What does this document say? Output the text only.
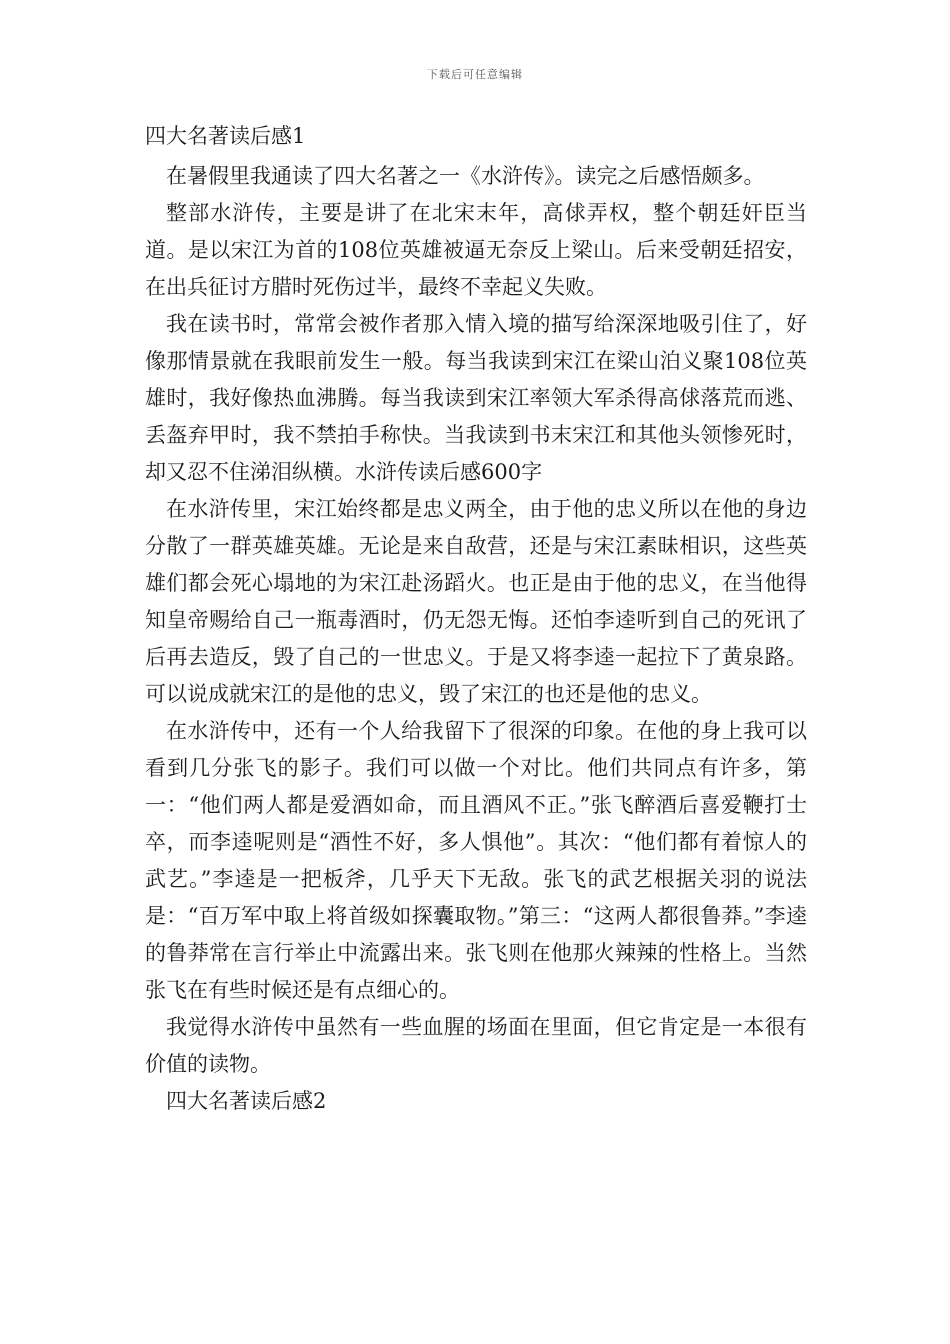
下载后可任意编辑
四大名著读后感1

在暑假里我通读了四大名著之一《水浒传》。读完之后感悟颇多。

整部水浒传，主要是讲了在北宋末年，高俅弄权，整个朝廷奸臣当道。是以宋江为首的108位英雄被逼无奈反上梁山。后来受朝廷招安，在出兵征讨方腊时死伤过半，最终不幸起义失败。

我在读书时，常常会被作者那入情入境的描写给深深地吸引住了，好像那情景就在我眼前发生一般。每当我读到宋江在梁山泊义聚108位英雄时，我好像热血沸腾。每当我读到宋江率领大军杀得高俅落荒而逃、丢盔弃甲时，我不禁拍手称快。当我读到书末宋江和其他头领惨死时，却又忍不住涕泪纵横。水浒传读后感600字

在水浒传里，宋江始终都是忠义两全，由于他的忠义所以在他的身边分散了一群英雄英雄。无论是来自敌营，还是与宋江素昧相识，这些英雄们都会死心塌地的为宋江赴汤蹈火。也正是由于他的忠义，在当他得知皇帝赐给自己一瓶毒酒时，仍无怨无悔。还怕李逵听到自己的死讯了后再去造反，毁了自己的一世忠义。于是又将李逵一起拉下了黄泉路。可以说成就宋江的是他的忠义，毁了宋江的也还是他的忠义。

在水浒传中，还有一个人给我留下了很深的印象。在他的身上我可以看到几分张飞的影子。我们可以做一个对比。他们共同点有许多，第一：“他们两人都是爱酒如命，而且酒风不正。”张飞醉酒后喜爱鞭打士卒，而李逵呢则是“酒性不好，多人惧他”。其次：“他们都有着惊人的武艺。”李逵是一把板斧，几乎天下无敌。张飞的武艺根据关羽的说法是：“百万军中取上将首级如探囊取物。”第三：“这两人都很鲁莽。”李逵的鲁莽常在言行举止中流露出来。张飞则在他那火辣辣的性格上。当然张飞在有些时候还是有点细心的。

我觉得水浒传中虽然有一些血腥的场面在里面，但它肯定是一本很有价值的读物。

四大名著读后感2
